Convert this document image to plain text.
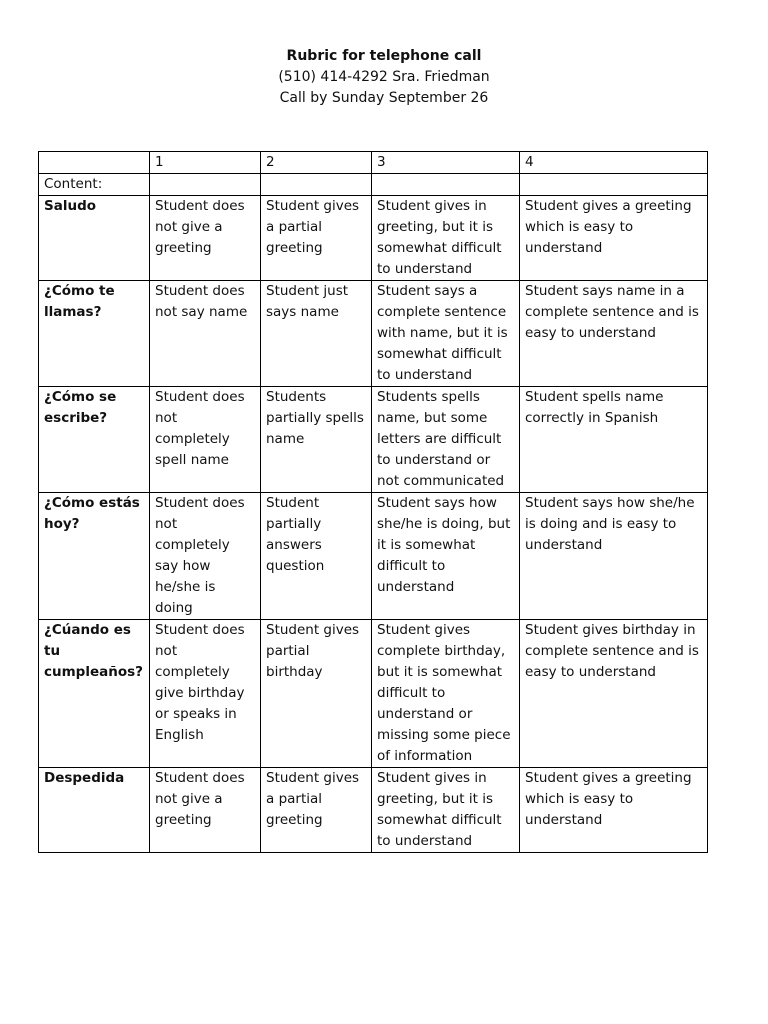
Rubric for telephone call
(510) 414-4292 Sra. Friedman
Call by Sunday September 26
	1	2	3	4
Content:				
Saludo	Student does not give a greeting	Student gives a partial greeting	Student gives in greeting, but it is somewhat difficult to understand	Student gives a greeting which is easy to understand
¿Cómo te llamas?	Student does not say name	Student just says name	Student says a complete sentence with name, but it is somewhat difficult to understand	Student says name in a complete sentence and is easy to understand
¿Cómo se escribe?	Student does not completely spell name	Students partially spells name	Students spells name, but some letters are difficult to understand or not communicated	Student spells name correctly in Spanish
¿Cómo estás hoy?	Student does not completely say how he/she is doing	Student partially answers question	Student says how she/he is doing, but it is somewhat difficult to understand	Student says how she/he is doing and is easy to understand
¿Cúando es tu cumpleaños?	Student does not completely give birthday or speaks in English	Student gives partial birthday	Student gives complete birthday, but it is somewhat difficult to understand or missing some piece of information	Student gives birthday in complete sentence and is easy to understand
Despedida	Student does not give a greeting	Student gives a partial greeting	Student gives in greeting, but it is somewhat difficult to understand	Student gives a greeting which is easy to understand
